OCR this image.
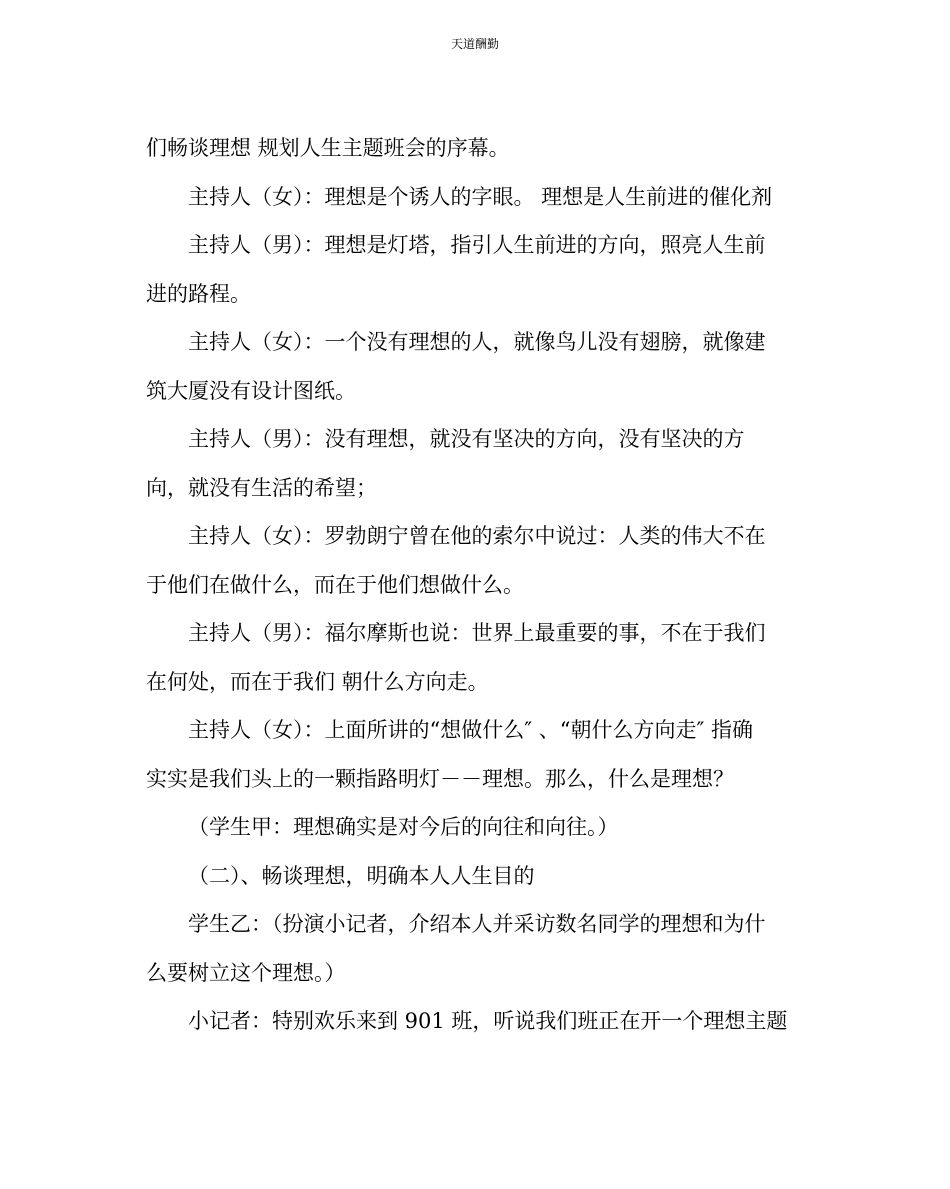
天道酬勤
们畅谈理想 规划人生主题班会的序幕。
主持人（女）：理想是个诱人的字眼。 理想是人生前进的催化剂
主持人（男）：理想是灯塔，指引人生前进的方向，照亮人生前
进的路程。
主持人（女）：一个没有理想的人，就像鸟儿没有翅膀，就像建
筑大厦没有设计图纸。
主持人（男）：没有理想，就没有坚决的方向，没有坚决的方
向，就没有生活的希望；
主持人（女）：罗勃朗宁曾在他的索尔中说过：人类的伟大不在
于他们在做什么，而在于他们想做什么。
主持人（男）：福尔摩斯也说：世界上最重要的事，不在于我们
在何处，而在于我们 朝什么方向走。
主持人（女）：上面所讲的“想做什么″ 、“朝什么方向走″ 指确
实实是我们头上的一颗指路明灯－－理想。那么，什么是理想？
（学生甲：理想确实是对今后的向往和向往。）
（二）、畅谈理想，明确本人人生目的
学生乙：（扮演小记者，介绍本人并采访数名同学的理想和为什
么要树立这个理想。）
小记者：特别欢乐来到 901 班，听说我们班正在开一个理想主题
